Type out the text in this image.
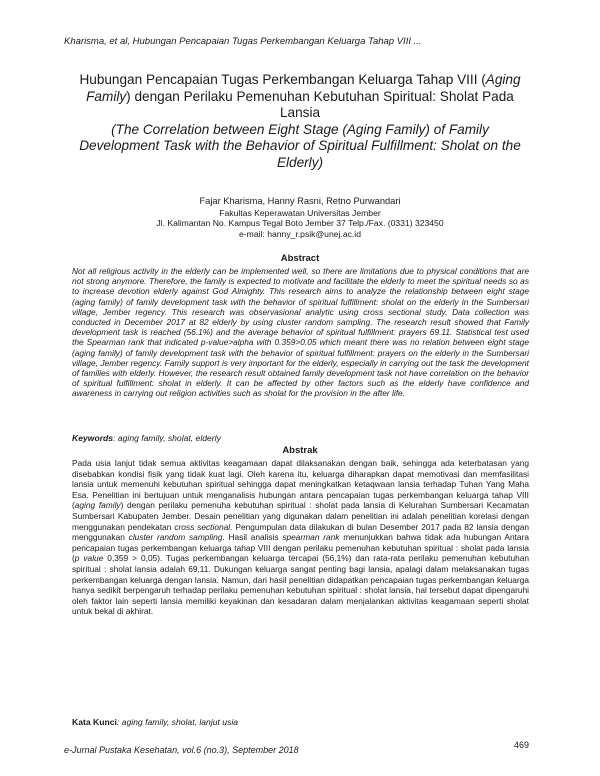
Kharisma, et al, Hubungan Pencapaian Tugas Perkembangan Keluarga Tahap VIII ...
Hubungan Pencapaian Tugas Perkembangan Keluarga Tahap VIII (Aging Family) dengan Perilaku Pemenuhan Kebutuhan Spiritual: Sholat Pada Lansia
(The Correlation between Eight Stage (Aging Family) of Family Development Task with the Behavior of Spiritual Fulfillment: Sholat on the Elderly)
Fajar Kharisma, Hanny Rasni, Retno Purwandari
Fakultas Keperawatan Universitas Jember
Jl. Kalimantan No. Kampus Tegal Boto Jember 37 Telp./Fax. (0331) 323450
e-mail: hanny_r.psik@unej.ac.id
Abstract
Not all religious activity in the elderly can be implemented well, so there are limitations due to physical conditions that are not strong anymore. Therefore, the family is expected to motivate and facilitate the elderly to meet the spiritual needs so as to increase devotion elderly against God Almighty. This research aims to analyze the relationship between eight stage (aging family) of family development task with the behavior of spiritual fulfillment: sholat on the elderly in the Sumbersari village, Jember regency. This research was observasional analytic using cross sectional study. Data collection was conducted in December 2017 at 82 elderly by using cluster random sampling. The research result showed that Family development task is reached (56.1%) and the average behavior of spiritual fulfillment: prayers 69.11. Statistical test used the Spearman rank that indicated p-value>alpha with 0.359>0.05 which meant there was no relation between eight stage (aging family) of family development task with the behavior of spiritual fulfillment: prayers on the elderly in the Sumbersari village, Jember regency. Family support is very important for the elderly, especially in carrying out the task the development of families with elderly. However, the research result obtained family development task not have correlation on the behavior of spiritual fulfillment: sholat in elderly. It can be affected by other factors such as the elderly have confidence and awareness in carrying out religion activities such as sholat for the provision in the after life.
Keywords: aging family, sholat, elderly
Abstrak
Pada usia lanjut tidak semua aktivitas keagamaan dapat dilaksanakan dengan baik, sehingga ada keterbatasan yang disebabkan kondisi fisik yang tidak kuat lagi. Oleh karena itu, keluarga diharapkan dapat memotivasi dan memfasilitasi lansia untuk memenuhi kebutuhan spiritual sehingga dapat meningkatkan ketaqwaan lansia terhadap Tuhan Yang Maha Esa. Penelitian ini bertujuan untuk menganalisis hubungan antara pencapaian tugas perkembangan keluarga tahap VIII (aging family) dengan perilaku pemenuha kebutuhan spiritual : sholat pada lansia di Kelurahan Sumbersari Kecamatan Sumbersari Kabupaten Jember. Desain penelitian yang digunakan dalam penelitian ini adalah penelitian korelasi dengan menggunakan pendekatan cross sectional. Pengumpulan data dilakukan di bulan Desember 2017 pada 82 lansia dengan menggunakan cluster random sampling. Hasil analisis spearman rank menunjukkan bahwa tidak ada hubungan Antara pencapaian tugas perkembangan keluarga tahap VIII dengan perilaku pemenuhan kebutuhan spiritual : sholat pada lansia (p value 0,359 > 0,05). Tugas perkembangan keluarga tercapai (56,1%) dan rata-rata perilaku pemenuhan kebutuhan spiritual : sholat lansia adalah 69,11. Dukungan keluarga sangat penting bagi lansia, apalagi dalam melaksanakan tugas perkembangan keluarga dengan lansia. Namun, dari hasil penelitian didapatkan pencapaian tugas perkembangan keluarga hanya sedikit berpengaruh terhadap perilaku pemenuhan kebutuhan spiritual : sholat lansia, hal tersebut dapat dipengaruhi oleh faktor lain seperti lansia memiliki keyakinan dan kesadaran dalam menjalankan aktivitas keagamaan seperti sholat untuk bekal di akhirat.
Kata Kunci: aging family, sholat, lanjut usia
e-Jurnal Pustaka Kesehatan, vol.6 (no.3), September 2018	469
